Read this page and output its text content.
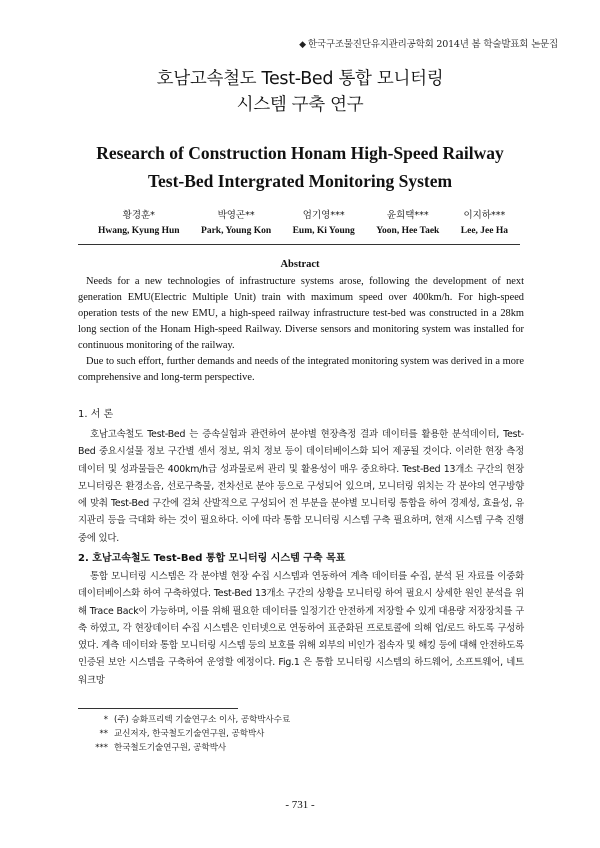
◆ 한국구조물진단유지관리공학회 2014년 봄 학술발표회 논문집
호남고속철도 Test-Bed 통합 모니터링
시스템 구축 연구
Research of Construction Honam High-Speed Railway
Test-Bed Intergrated Monitoring System
황경훈*
Hwang, Kyung Hun
박영곤**
Park, Young Kon
엄기영***
Eum, Ki Young
윤희택***
Yoon, Hee Taek
이지하***
Lee, Jee Ha
Abstract

Needs for a new technologies of infrastructure systems arose, following the development of next generation EMU(Electric Multiple Unit) train with maximum speed over 400km/h. For high-speed operation tests of the new EMU, a high-speed railway infrastructure test-bed was constructed in a 28km long section of the Honam High-speed Railway. Diverse sensors and monitoring system was installed for continuous monitoring of the railway.

Due to such effort, further demands and needs of the integrated monitoring system was derived in a more comprehensive and long-term perspective.

1. 서 론

호남고속철도 Test-Bed 는 증속실험과 관련하여 분야별 현장측정 결과 데이터를 활용한 분석데이터, Test-Bed 중요시설물 정보 구간별 센서 정보, 위치 정보 등이 데이터베이스화 되어 제공될 것이다. 이러한 현장 측정 데이터 및 성과물들은 400km/h급 성과물로써 관리 및 활용성이 매우 중요하다. Test-Bed 13개소 구간의 현장모니터링은 환경소음, 선로구축물, 전차선로 분야 등으로 구성되어 있으며, 모니터링 위치는 각 분야의 연구방향에 맞춰 Test-Bed 구간에 걸쳐 산발적으로 구성되어 전 부분을 분야별 모니터링 통합을 하여 경제성, 효율성, 유지관리 등을 극대화 하는 것이 필요하다. 이에 따라 통합 모니터링 시스템 구축 필요하며, 현재 시스템 구축 진행 중에 있다.

2. 호남고속철도 Test-Bed 통합 모니터링 시스템 구축 목표

통합 모니터링 시스템은 각 분야별 현장 수집 시스템과 연동하여 계측 데이터를 수집, 분석 된 자료를 이중화 데이터베이스화 하여 구축하였다. Test-Bed 13개소 구간의 상황을 모니터링 하여 필요시 상세한 원인 분석을 위해 Trace Back이 가능하며, 이를 위해 필요한 데이터를 일정기간 안전하게 저장할 수 있게 대용량 저장장치를 구축 하였고, 각 현장데이터 수집 시스템은 인터넷으로 연동하여 표준화된 프로토콜에 의해 업/로드 하도록 구성하였다. 계측 데이터와 통합 모니터링 시스템 등의 보호를 위해 외부의 비인가 접속자 및 해킹 등에 대해 안전하도록 인증된 보안 시스템을 구축하여 운영할 예정이다. Fig.1 은 통합 모니터링 시스템의 하드웨어, 소프트웨어, 네트워크망

* (주) 승화프리텍 기술연구소 이사, 공학박사수료
** 교신저자, 한국철도기술연구원, 공학박사
*** 한국철도기술연구원, 공학박사
- 731 -
